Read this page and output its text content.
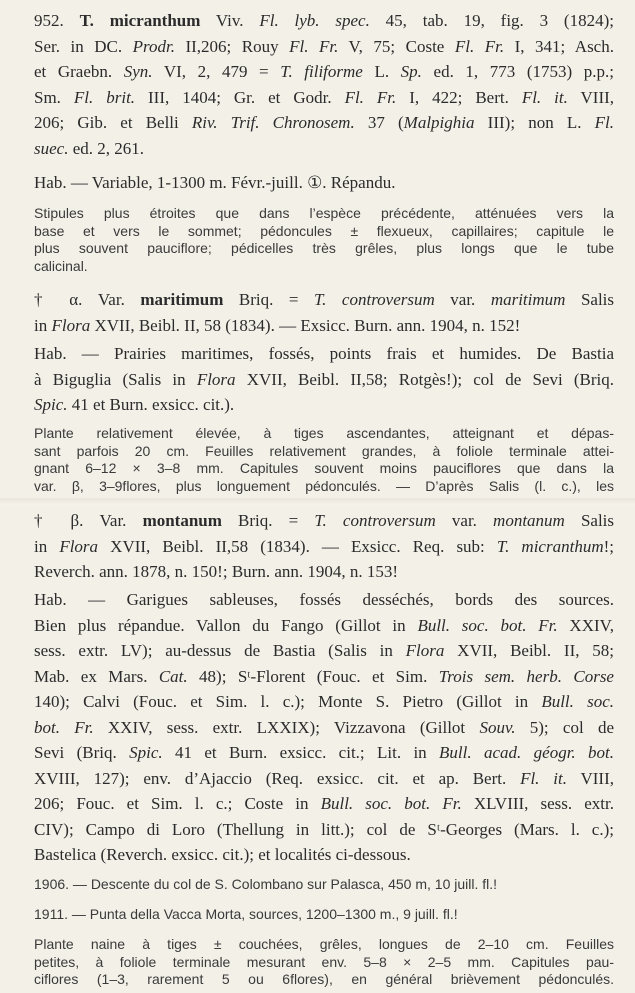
952. T. micranthum Viv. Fl. lyb. spec. 45, tab. 19, fig. 3 (1824);
Ser. in DC. Prodr. II,206; Rouy Fl. Fr. V, 75; Coste Fl. Fr. I, 341; Asch.
et Graebn. Syn. VI, 2, 479 = T. filiforme L. Sp. ed. 1, 773 (1753) p.p.;
Sm. Fl. brit. III, 1404; Gr. et Godr. Fl. Fr. I, 422; Bert. Fl. it. VIII,
206; Gib. et Belli Riv. Trif. Chronosem. 37 (Malpighia III); non L. Fl.
suec. ed. 2, 261.
Hab. — Variable, 1-1300 m. Févr.-juill. ①. Répandu.
Stipules plus étroites que dans l’espèce précédente, atténuées vers la
base et vers le sommet; pédoncules ± flexueux, capillaires; capitule le
plus souvent pauciflore; pédicelles très grêles, plus longs que le tube
calicinal.
† α. Var. maritimum Briq. = T. controversum var. maritimum Salis
in Flora XVII, Beibl. II, 58 (1834). — Exsicc. Burn. ann. 1904, n. 152!
Hab. — Prairies maritimes, fossés, points frais et humides. De Bastia
à Biguglia (Salis in Flora XVII, Beibl. II,58; Rotgès!); col de Sevi (Briq.
Spic. 41 et Burn. exsicc. cit.).
Plante relativement élevée, à tiges ascendantes, atteignant et dépas-
sant parfois 20 cm. Feuilles relativement grandes, à foliole terminale attei-
gnant 6–12 × 3–8 mm. Capitules souvent moins pauciflores que dans la
var. β, 3–9flores, plus longuement pédonculés. — D’après Salis (l. c.), les
† β. Var. montanum Briq. = T. controversum var. montanum Salis
in Flora XVII, Beibl. II,58 (1834). — Exsicc. Req. sub: T. micranthum!;
Reverch. ann. 1878, n. 150!; Burn. ann. 1904, n. 153!
Hab. — Garigues sableuses, fossés desséchés, bords des sources.
Bien plus répandue. Vallon du Fango (Gillot in Bull. soc. bot. Fr. XXIV,
sess. extr. LV); au-dessus de Bastia (Salis in Flora XVII, Beibl. II, 58;
Mab. ex Mars. Cat. 48); Sᵗ-Florent (Fouc. et Sim. Trois sem. herb. Corse
140); Calvi (Fouc. et Sim. l. c.); Monte S. Pietro (Gillot in Bull. soc.
bot. Fr. XXIV, sess. extr. LXXIX); Vizzavona (Gillot Souv. 5); col de
Sevi (Briq. Spic. 41 et Burn. exsicc. cit.; Lit. in Bull. acad. géogr. bot.
XVIII, 127); env. d’Ajaccio (Req. exsicc. cit. et ap. Bert. Fl. it. VIII,
206; Fouc. et Sim. l. c.; Coste in Bull. soc. bot. Fr. XLVIII, sess. extr.
CIV); Campo di Loro (Thellung in litt.); col de Sᵗ-Georges (Mars. l. c.);
Bastelica (Reverch. exsicc. cit.); et localités ci-dessous.
1906. — Descente du col de S. Colombano sur Palasca, 450 m, 10 juill. fl.!
1911. — Punta della Vacca Morta, sources, 1200–1300 m., 9 juill. fl.!
Plante naine à tiges ± couchées, grêles, longues de 2–10 cm. Feuilles
petites, à foliole terminale mesurant env. 5–8 × 2–5 mm. Capitules pau-
ciflores (1–3, rarement 5 ou 6flores), en général brièvement pédonculés.
